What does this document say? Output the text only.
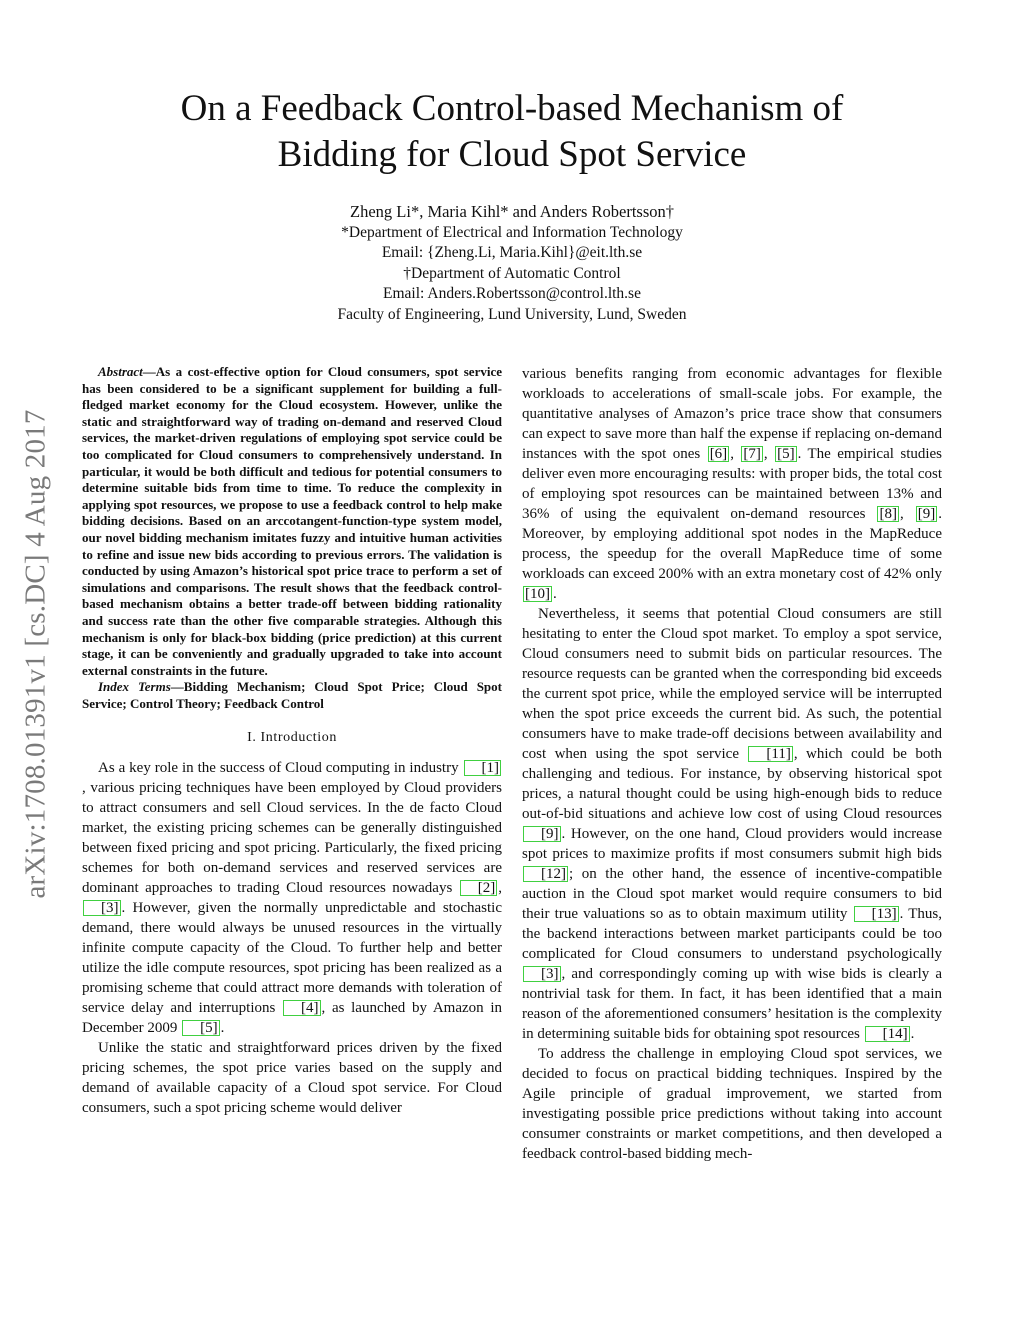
arXiv:1708.01391v1 [cs.DC] 4 Aug 2017
On a Feedback Control-based Mechanism of
Bidding for Cloud Spot Service
Zheng Li*, Maria Kihl* and Anders Robertsson†
*Department of Electrical and Information Technology
Email: {Zheng.Li, Maria.Kihl}@eit.lth.se
†Department of Automatic Control
Email: Anders.Robertsson@control.lth.se
Faculty of Engineering, Lund University, Lund, Sweden

Abstract—As a cost-effective option for Cloud consumers, spot service has been considered to be a significant supplement for building a full-fledged market economy for the Cloud ecosystem. However, unlike the static and straightforward way of trading on-demand and reserved Cloud services, the market-driven regulations of employing spot service could be too complicated for Cloud consumers to comprehensively understand. In particular, it would be both difficult and tedious for potential consumers to determine suitable bids from time to time. To reduce the complexity in applying spot resources, we propose to use a feedback control to help make bidding decisions. Based on an arccotangent-function-type system model, our novel bidding mechanism imitates fuzzy and intuitive human activities to refine and issue new bids according to previous errors. The validation is conducted by using Amazon’s historical spot price trace to perform a set of simulations and comparisons. The result shows that the feedback control-based mechanism obtains a better trade-off between bidding rationality and success rate than the other five comparable strategies. Although this mechanism is only for black-box bidding (price prediction) at this current stage, it can be conveniently and gradually upgraded to take into account external constraints in the future.

Index Terms—Bidding Mechanism; Cloud Spot Price; Cloud Spot Service; Control Theory; Feedback Control

I. Introduction

As a key role in the success of Cloud computing in industry [1], various pricing techniques have been employed by Cloud providers to attract consumers and sell Cloud services. In the de facto Cloud market, the existing pricing schemes can be generally distinguished between fixed pricing and spot pricing. Particularly, the fixed pricing schemes for both on-demand services and reserved services are dominant approaches to trading Cloud resources nowadays [2] , [3] . However, given the normally unpredictable and stochastic demand, there would always be unused resources in the virtually infinite compute capacity of the Cloud. To further help and better utilize the idle compute resources, spot pricing has been realized as a promising scheme that could attract more demands with toleration of service delay and interruptions [4] , as launched by Amazon in December 2009 [5] .

Unlike the static and straightforward prices driven by the fixed pricing schemes, the spot price varies based on the supply and demand of available capacity of a Cloud spot service. For Cloud consumers, such a spot pricing scheme would deliver

various benefits ranging from economic advantages for flexible workloads to accelerations of small-scale jobs. For example, the quantitative analyses of Amazon’s price trace show that consumers can expect to save more than half the expense if replacing on-demand instances with the spot ones [6] , [7] , [5] . The empirical studies deliver even more encouraging results: with proper bids, the total cost of employing spot resources can be maintained between 13% and 36% of using the equivalent on-demand resources [8] , [9] . Moreover, by employing additional spot nodes in the MapReduce process, the speedup for the overall MapReduce time of some workloads can exceed 200% with an extra monetary cost of 42% only [10] .

Nevertheless, it seems that potential Cloud consumers are still hesitating to enter the Cloud spot market. To employ a spot service, Cloud consumers need to submit bids on particular resources. The resource requests can be granted when the corresponding bid exceeds the current spot price, while the employed service will be interrupted when the spot price exceeds the current bid. As such, the potential consumers have to make trade-off decisions between availability and cost when using the spot service [11] , which could be both challenging and tedious. For instance, by observing historical spot prices, a natural thought could be using high-enough bids to reduce out-of-bid situations and achieve low cost of using Cloud resources [9] . However, on the one hand, Cloud providers would increase spot prices to maximize profits if most consumers submit high bids [12] ; on the other hand, the essence of incentive-compatible auction in the Cloud spot market would require consumers to bid their true valuations so as to obtain maximum utility [13] . Thus, the backend interactions between market participants could be too complicated for Cloud consumers to understand psychologically [3] , and correspondingly coming up with wise bids is clearly a nontrivial task for them. In fact, it has been identified that a main reason of the aforementioned consumers’ hesitation is the complexity in determining suitable bids for obtaining spot resources [14] .

To address the challenge in employing Cloud spot services, we decided to focus on practical bidding techniques. Inspired by the Agile principle of gradual improvement, we started from investigating possible price predictions without taking into account consumer constraints or market competitions, and then developed a feedback control-based bidding mech-
